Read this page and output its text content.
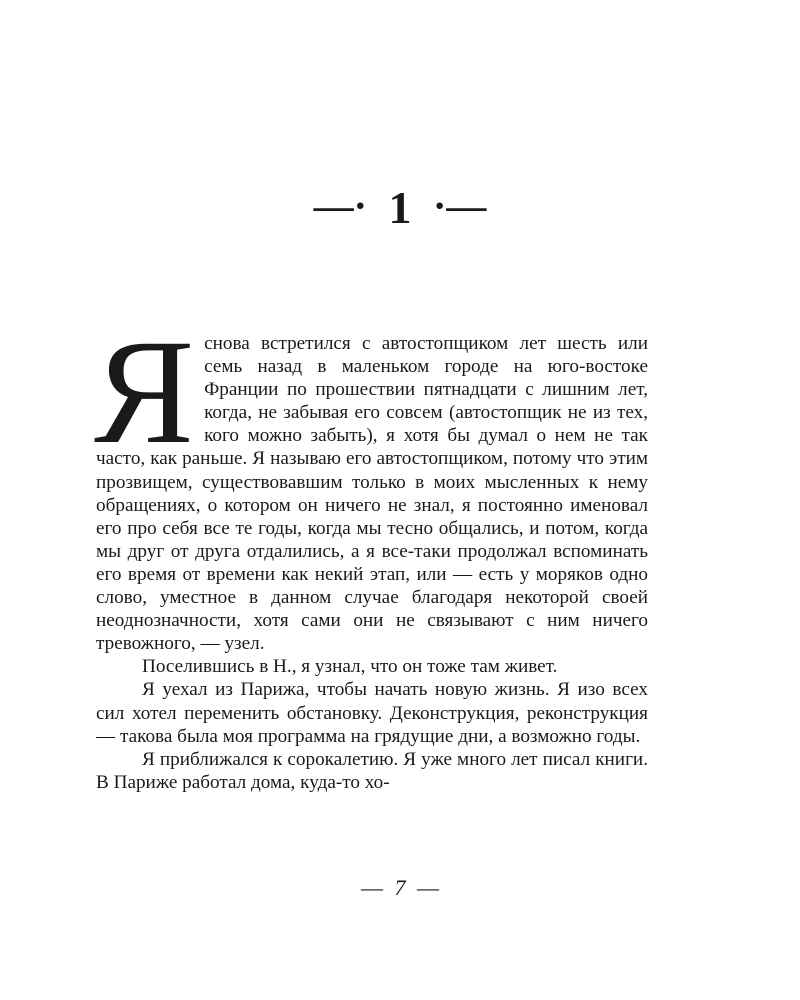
—· 1 ·—

Я снова встретился с автостопщиком лет шесть или семь назад в маленьком городе на юго-востоке Франции по прошествии пятнадцати с лишним лет, когда, не забывая его совсем (автостопщик не из тех, кого можно забыть), я хотя бы думал о нем не так часто, как раньше. Я называю его автостопщиком, потому что этим прозвищем, существовавшим только в моих мысленных к нему обращениях, о котором он ничего не знал, я постоянно именовал его про себя все те годы, когда мы тесно общались, и потом, когда мы друг от друга отдалились, а я все-таки продолжал вспоминать его время от времени как некий этап, или — есть у моряков одно слово, уместное в данном случае благодаря некоторой своей неоднозначности, хотя сами они не связывают с ним ничего тревожного, — узел.

Поселившись в Н., я узнал, что он тоже там живет.

Я уехал из Парижа, чтобы начать новую жизнь. Я изо всех сил хотел переменить обстановку. Деконструкция, реконструкция — такова была моя программа на грядущие дни, а возможно годы.

Я приближался к сорокалетию. Я уже много лет писал книги. В Париже работал дома, куда-то хо-

— 7 —
